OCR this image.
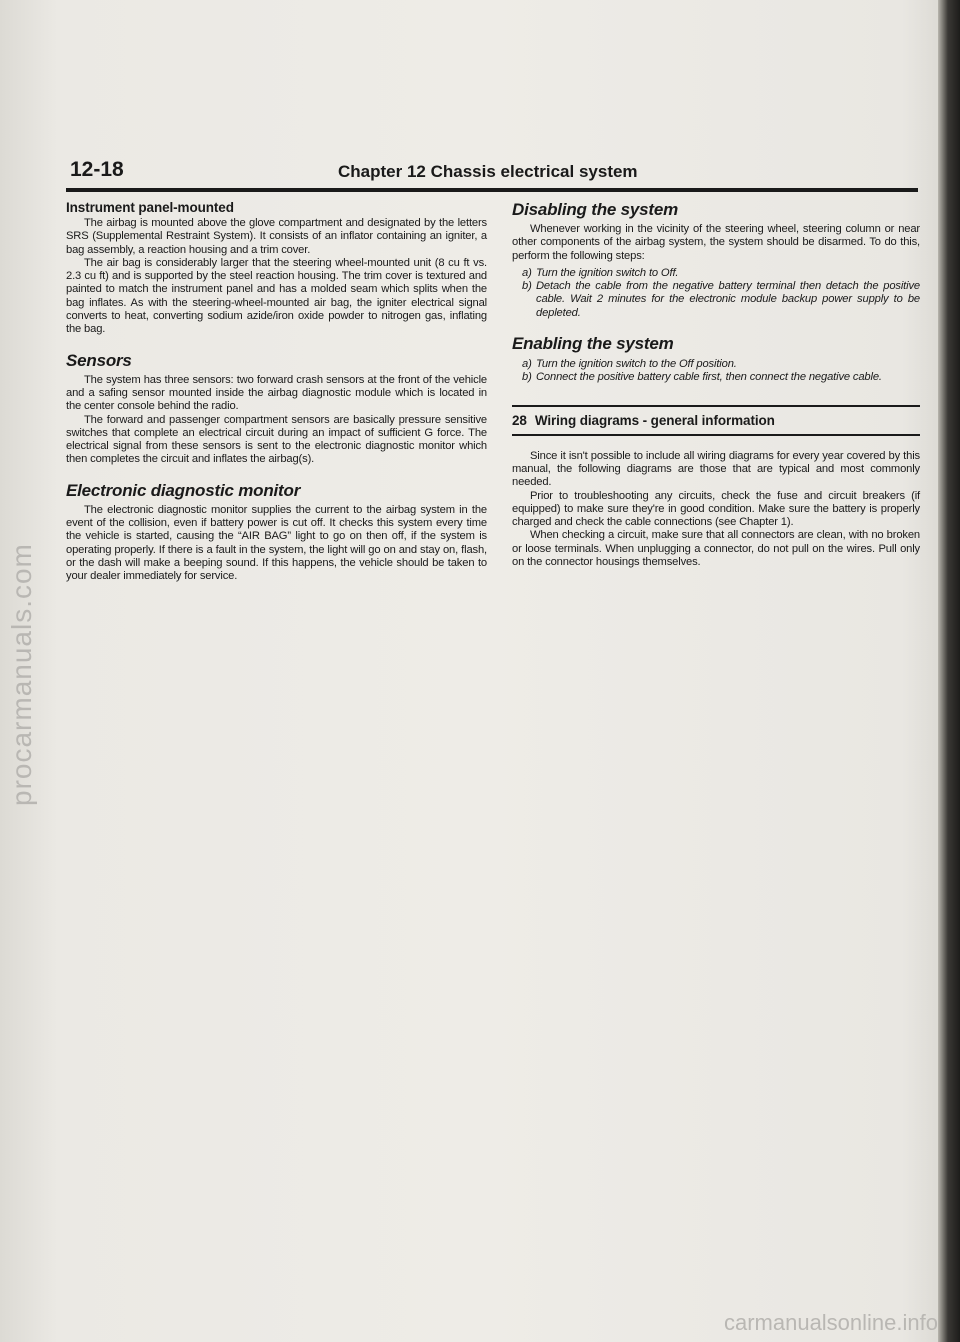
procarmanuals.com
carmanualsonline.info
12-18	Chapter 12 Chassis electrical system
Instrument panel-mounted

The airbag is mounted above the glove compartment and designated by the letters SRS (Supplemental Restraint System). It consists of an inflator containing an igniter, a bag assembly, a reaction housing and a trim cover.

The air bag is considerably larger that the steering wheel-mounted unit (8 cu ft vs. 2.3 cu ft) and is supported by the steel reaction housing. The trim cover is textured and painted to match the instrument panel and has a molded seam which splits when the bag inflates. As with the steering-wheel-mounted air bag, the igniter electrical signal converts to heat, converting sodium azide/iron oxide powder to nitrogen gas, inflating the bag.

Sensors

The system has three sensors: two forward crash sensors at the front of the vehicle and a safing sensor mounted inside the airbag diagnostic module which is located in the center console behind the radio.

The forward and passenger compartment sensors are basically pressure sensitive switches that complete an electrical circuit during an impact of sufficient G force. The electrical signal from these sensors is sent to the electronic diagnostic monitor which then completes the circuit and inflates the airbag(s).

Electronic diagnostic monitor

The electronic diagnostic monitor supplies the current to the airbag system in the event of the collision, even if battery power is cut off. It checks this system every time the vehicle is started, causing the “AIR BAG” light to go on then off, if the system is operating properly. If there is a fault in the system, the light will go on and stay on, flash, or the dash will make a beeping sound. If this happens, the vehicle should be taken to your dealer immediately for service.

Disabling the system

Whenever working in the vicinity of the steering wheel, steering column or near other components of the airbag system, the system should be disarmed. To do this, perform the following steps:

a) Turn the ignition switch to Off.
b) Detach the cable from the negative battery terminal then detach the positive cable. Wait 2 minutes for the electronic module backup power supply to be depleted.
Enabling the system
a) Turn the ignition switch to the Off position.
b) Connect the positive battery cable first, then connect the negative cable.
28 Wiring diagrams - general information

Since it isn't possible to include all wiring diagrams for every year covered by this manual, the following diagrams are those that are typical and most commonly needed.

Prior to troubleshooting any circuits, check the fuse and circuit breakers (if equipped) to make sure they're in good condition. Make sure the battery is properly charged and check the cable connections (see Chapter 1).

When checking a circuit, make sure that all connectors are clean, with no broken or loose terminals. When unplugging a connector, do not pull on the wires. Pull only on the connector housings themselves.
